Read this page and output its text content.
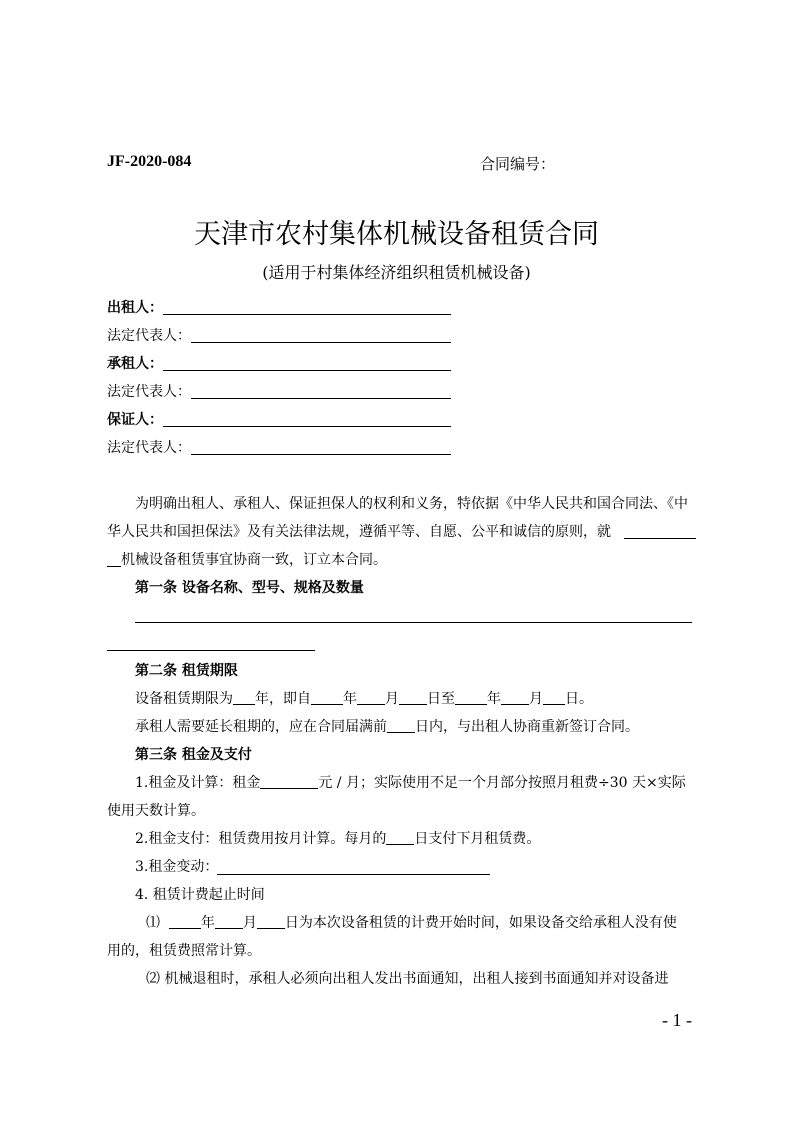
JF-2020-084	合同编号：
天津市农村集体机械设备租赁合同
(适用于村集体经济组织租赁机械设备)
出租人：
法定代表人：
承租人：
法定代表人：
保证人：
法定代表人：
为明确出租人、承租人、保证担保人的权利和义务，特依据《中华人民共和国合同法、《中
华人民共和国担保法》及有关法律法规，遵循平等、自愿、公平和诚信的原则，就
机械设备租赁事宜协商一致，订立本合同。
第一条 设备名称、型号、规格及数量
第二条 租赁期限
设备租赁期限为 年，即自 年 月 日至 年 月 日。
承租人需要延长租期的，应在合同届满前 日内，与出租人协商重新签订合同。
第三条 租金及支付
1.租金及计算：租金	元 / 月；实际使用不足一个月部分按照月租费÷30 天×实际
使用天数计算。
2.租金支付：租赁费用按月计算。每月的 日支付下月租赁费。
3.租金变动：
4. 租赁计费起止时间
⑴	年 月 日为本次设备租赁的计费开始时间，如果设备交给承租人没有使
用的，租赁费照常计算。
⑵ 机械退租时，承租人必须向出租人发出书面通知，出租人接到书面通知并对设备进
- 1 -
